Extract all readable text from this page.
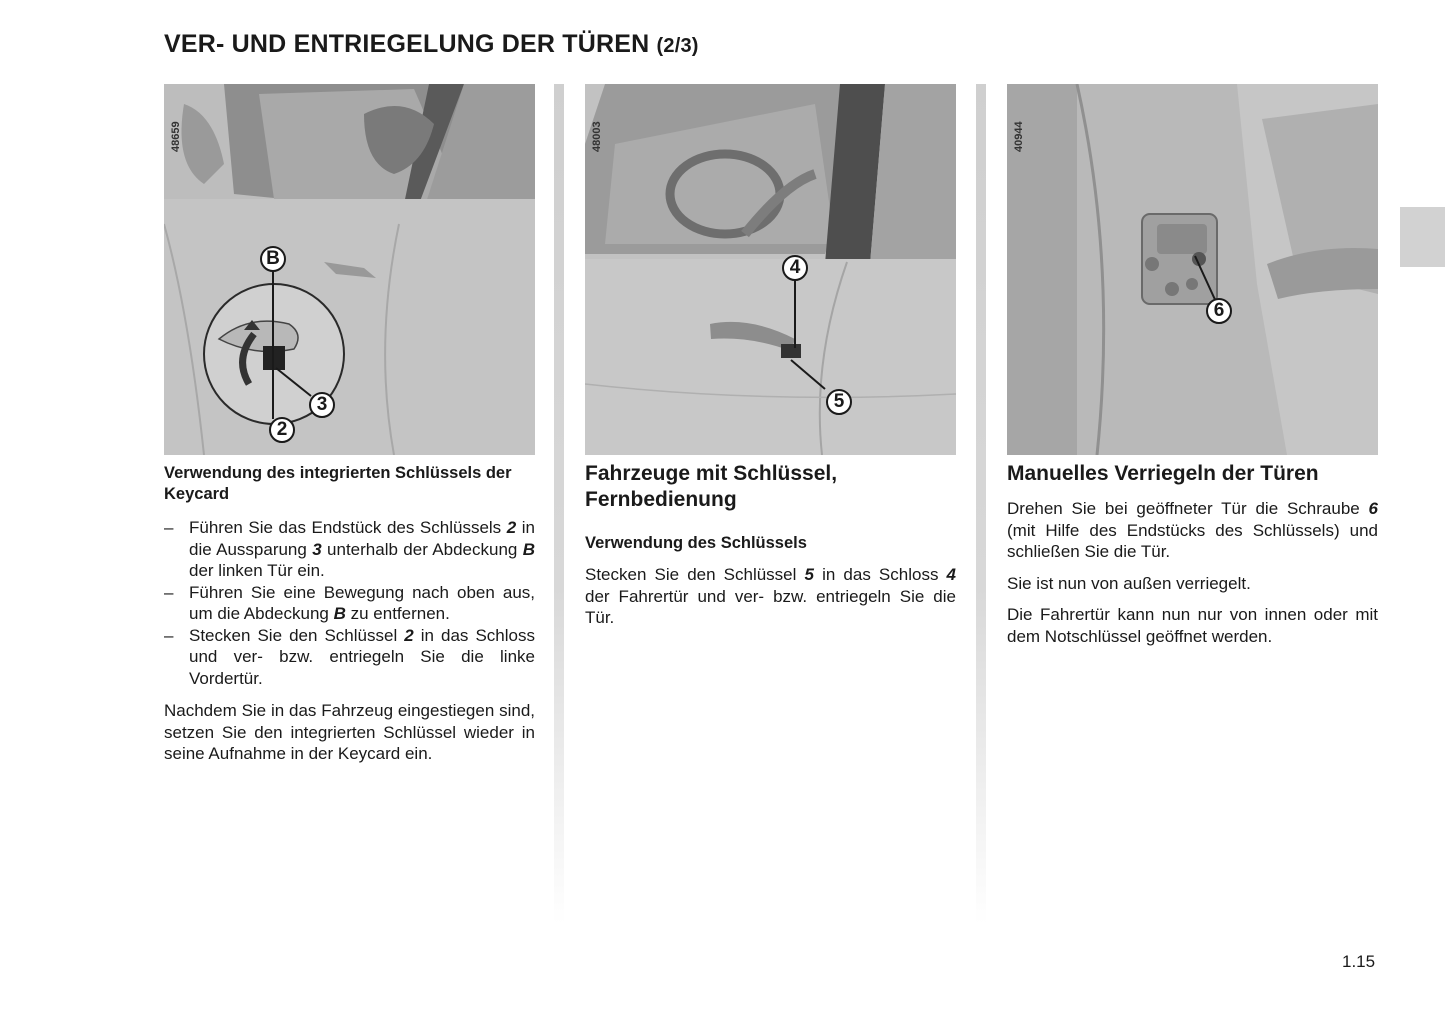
VER- UND ENTRIEGELUNG DER TÜREN (2/3)
48659
B
3
2
Verwendung des integrierten Schlüssels der Keycard
– Führen Sie das Endstück des Schlüssels 2 in die Aussparung 3 unterhalb der Abdeckung B der linken Tür ein.
– Führen Sie eine Bewegung nach oben aus, um die Abdeckung B zu entfernen.
– Stecken Sie den Schlüssel 2 in das Schloss und ver- bzw. entriegeln Sie die linke Vordertür.

Nachdem Sie in das Fahrzeug eingestiegen sind, setzen Sie den integrierten Schlüssel wieder in seine Aufnahme in der Keycard ein.

48003
4
5
Fahrzeuge mit Schlüssel, Fernbedienung
Verwendung des Schlüssels

Stecken Sie den Schlüssel 5 in das Schloss 4 der Fahrertür und ver- bzw. entriegeln Sie die Tür.

40944
6
Manuelles Verriegeln der Türen

Drehen Sie bei geöffneter Tür die Schraube 6 (mit Hilfe des Endstücks des Schlüssels) und schließen Sie die Tür.

Sie ist nun von außen verriegelt.

Die Fahrertür kann nun nur von innen oder mit dem Notschlüssel geöffnet werden.

1.15
